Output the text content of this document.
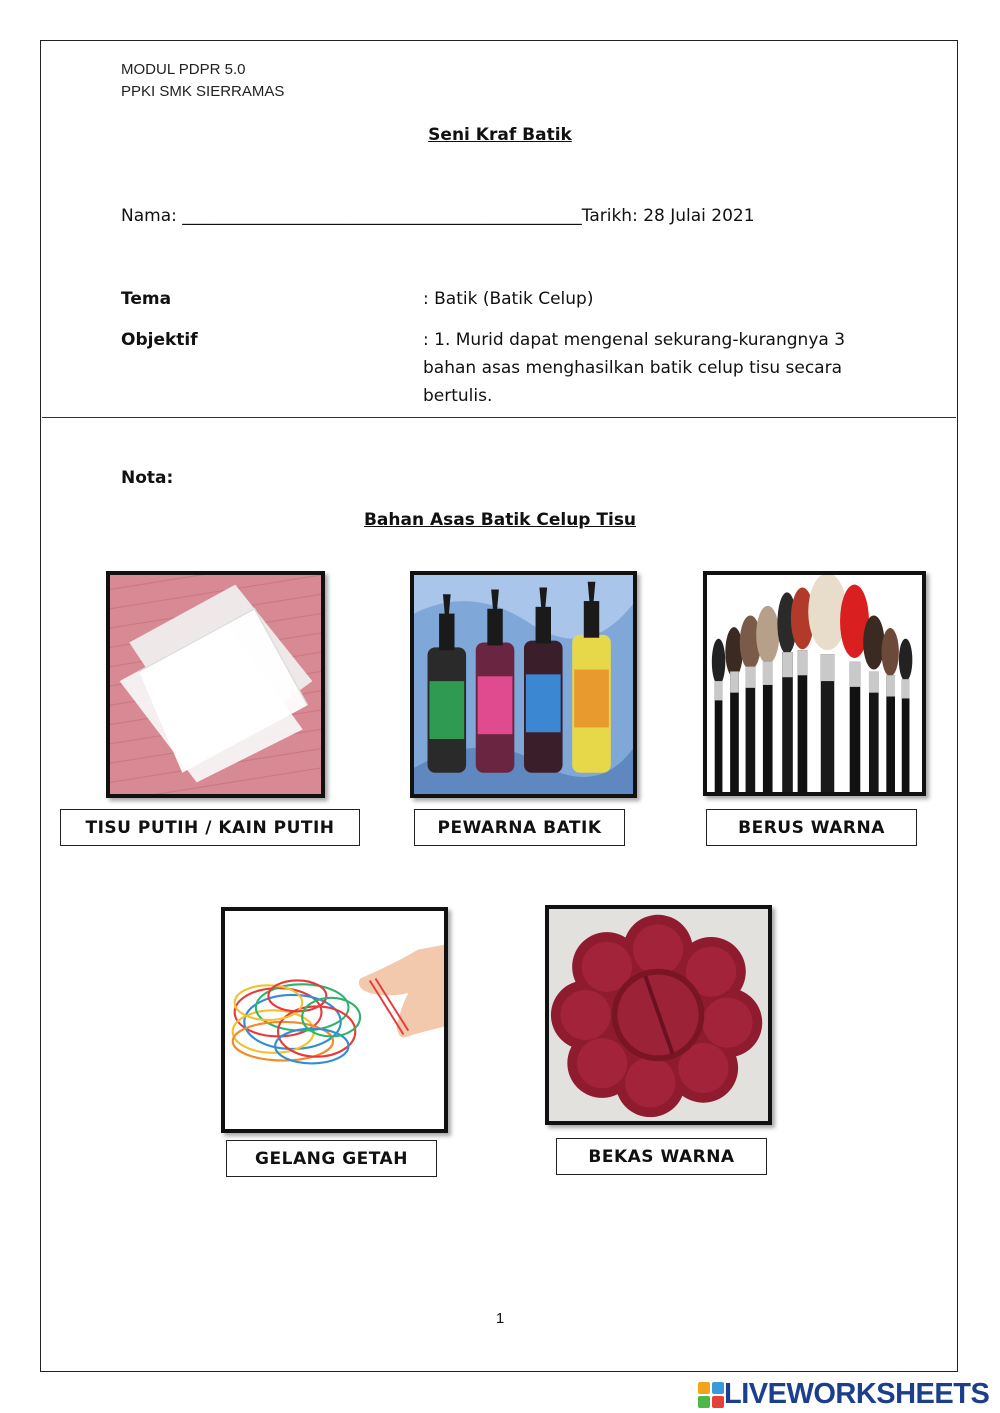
MODUL PDPR 5.0
PPKI SMK SIERRAMAS
Seni Kraf Batik
Nama: _______________________________________________Tarikh: 28 Julai 2021
Tema	: Batik (Batik Celup)
Objektif	: 1. Murid dapat mengenal sekurang-kurangnya 3
bahan asas menghasilkan batik celup tisu secara
bertulis.
Nota:
Bahan Asas Batik Celup Tisu
TISU PUTIH / KAIN PUTIH	PEWARNA BATIK	BERUS WARNA
GELANG GETAH	BEKAS WARNA
1
LIVEWORKSHEETS
